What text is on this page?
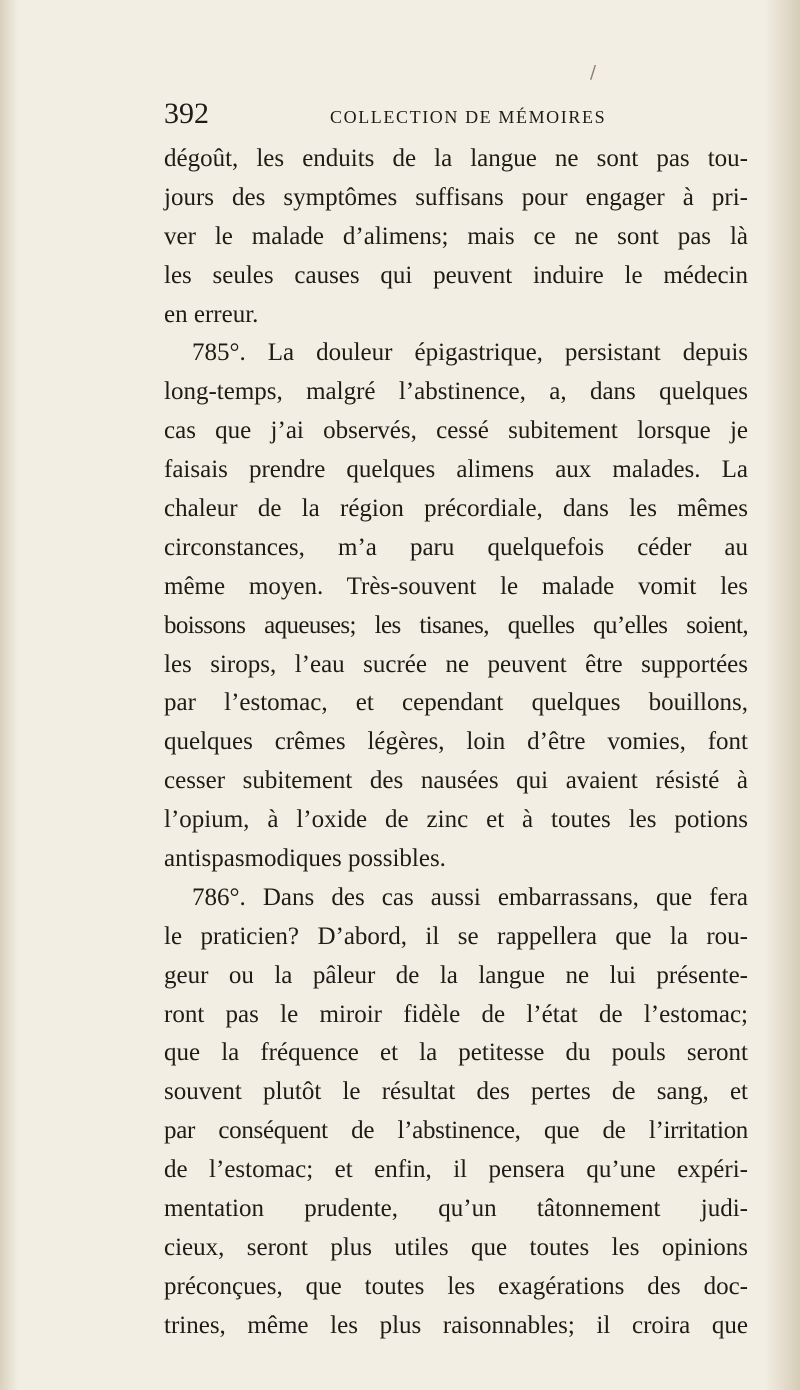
/
392	COLLECTION DE MÉMOIRES
dégoût, les enduits de la langue ne sont pas tou-
jours des symptômes suffisans pour engager à pri-
ver le malade d’alimens; mais ce ne sont pas là
les seules causes qui peuvent induire le médecin
en erreur.
785°. La douleur épigastrique, persistant depuis
long-temps, malgré l’abstinence, a, dans quelques
cas que j’ai observés, cessé subitement lorsque je
faisais prendre quelques alimens aux malades. La
chaleur de la région précordiale, dans les mêmes
circonstances, m’a paru quelquefois céder au
même moyen. Très-souvent le malade vomit les
boissons aqueuses; les tisanes, quelles qu’elles soient,
les sirops, l’eau sucrée ne peuvent être supportées
par l’estomac, et cependant quelques bouillons,
quelques crêmes légères, loin d’être vomies, font
cesser subitement des nausées qui avaient résisté à
l’opium, à l’oxide de zinc et à toutes les potions
antispasmodiques possibles.
786°. Dans des cas aussi embarrassans, que fera
le praticien? D’abord, il se rappellera que la rou-
geur ou la pâleur de la langue ne lui présente-
ront pas le miroir fidèle de l’état de l’estomac;
que la fréquence et la petitesse du pouls seront
souvent plutôt le résultat des pertes de sang, et
par conséquent de l’abstinence, que de l’irritation
de l’estomac; et enfin, il pensera qu’une expéri-
mentation prudente, qu’un tâtonnement judi-
cieux, seront plus utiles que toutes les opinions
préconçues, que toutes les exagérations des doc-
trines, même les plus raisonnables; il croira que
